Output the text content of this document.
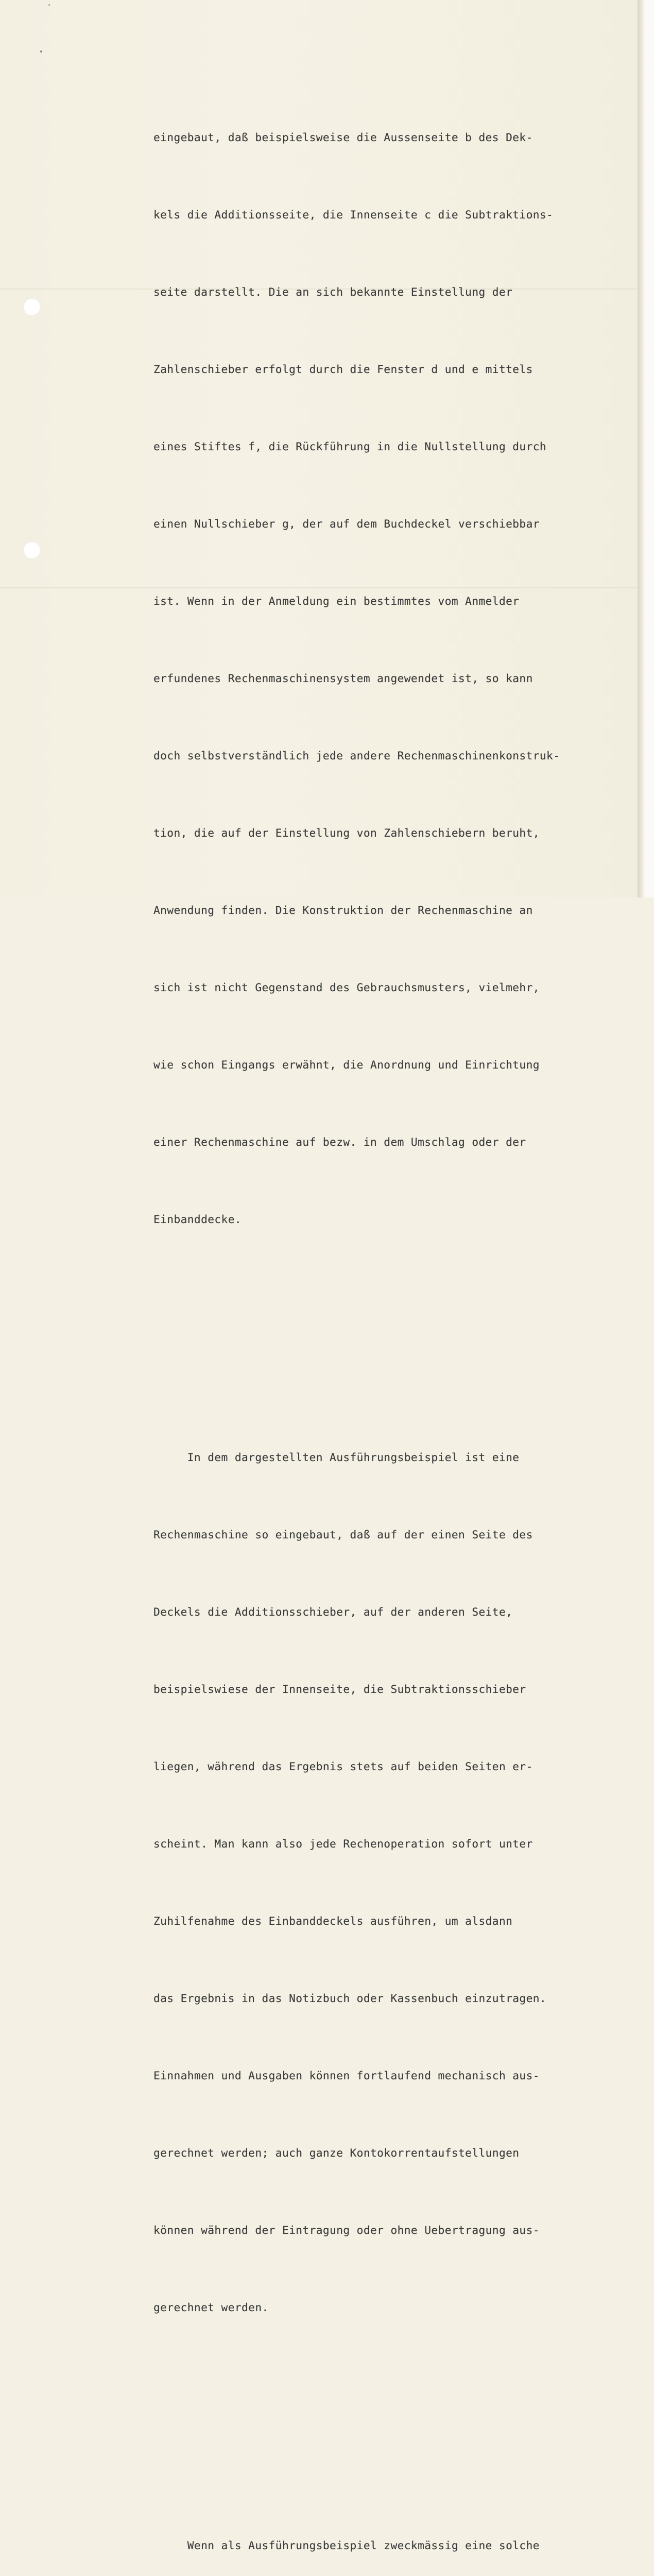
eingebaut, daß beispielsweise die Aussenseite b des Dek-

kels die Additionsseite, die Innenseite c die Subtraktions-

seite darstellt. Die an sich bekannte Einstellung der

Zahlenschieber erfolgt durch die Fenster d und e mittels

eines Stiftes f, die Rückführung in die Nullstellung durch

einen Nullschieber g, der auf dem Buchdeckel verschiebbar

ist. Wenn in der Anmeldung ein bestimmtes vom Anmelder

erfundenes Rechenmaschinensystem angewendet ist, so kann

doch selbstverständlich jede andere Rechenmaschinenkonstruk-

tion, die auf der Einstellung von Zahlenschiebern beruht,

Anwendung finden. Die Konstruktion der Rechenmaschine an

sich ist nicht Gegenstand des Gebrauchsmusters, vielmehr,

wie schon Eingangs erwähnt, die Anordnung und Einrichtung

einer Rechenmaschine auf bezw. in dem Umschlag oder der

Einbanddecke.

In dem dargestellten Ausführungsbeispiel ist eine

Rechenmaschine so eingebaut, daß auf der einen Seite des

Deckels die Additionsschieber, auf der anderen Seite,

beispielswiese der Innenseite, die Subtraktionsschieber

liegen, während das Ergebnis stets auf beiden Seiten er-

scheint. Man kann also jede Rechenoperation sofort unter

Zuhilfenahme des Einbanddeckels ausführen, um alsdann

das Ergebnis in das Notizbuch oder Kassenbuch einzutragen.

Einnahmen und Ausgaben können fortlaufend mechanisch aus-

gerechnet werden; auch ganze Kontokorrentaufstellungen

können während der Eintragung oder ohne Uebertragung aus-

gerechnet werden.

Wenn als Ausführungsbeispiel zweckmässig eine solche
